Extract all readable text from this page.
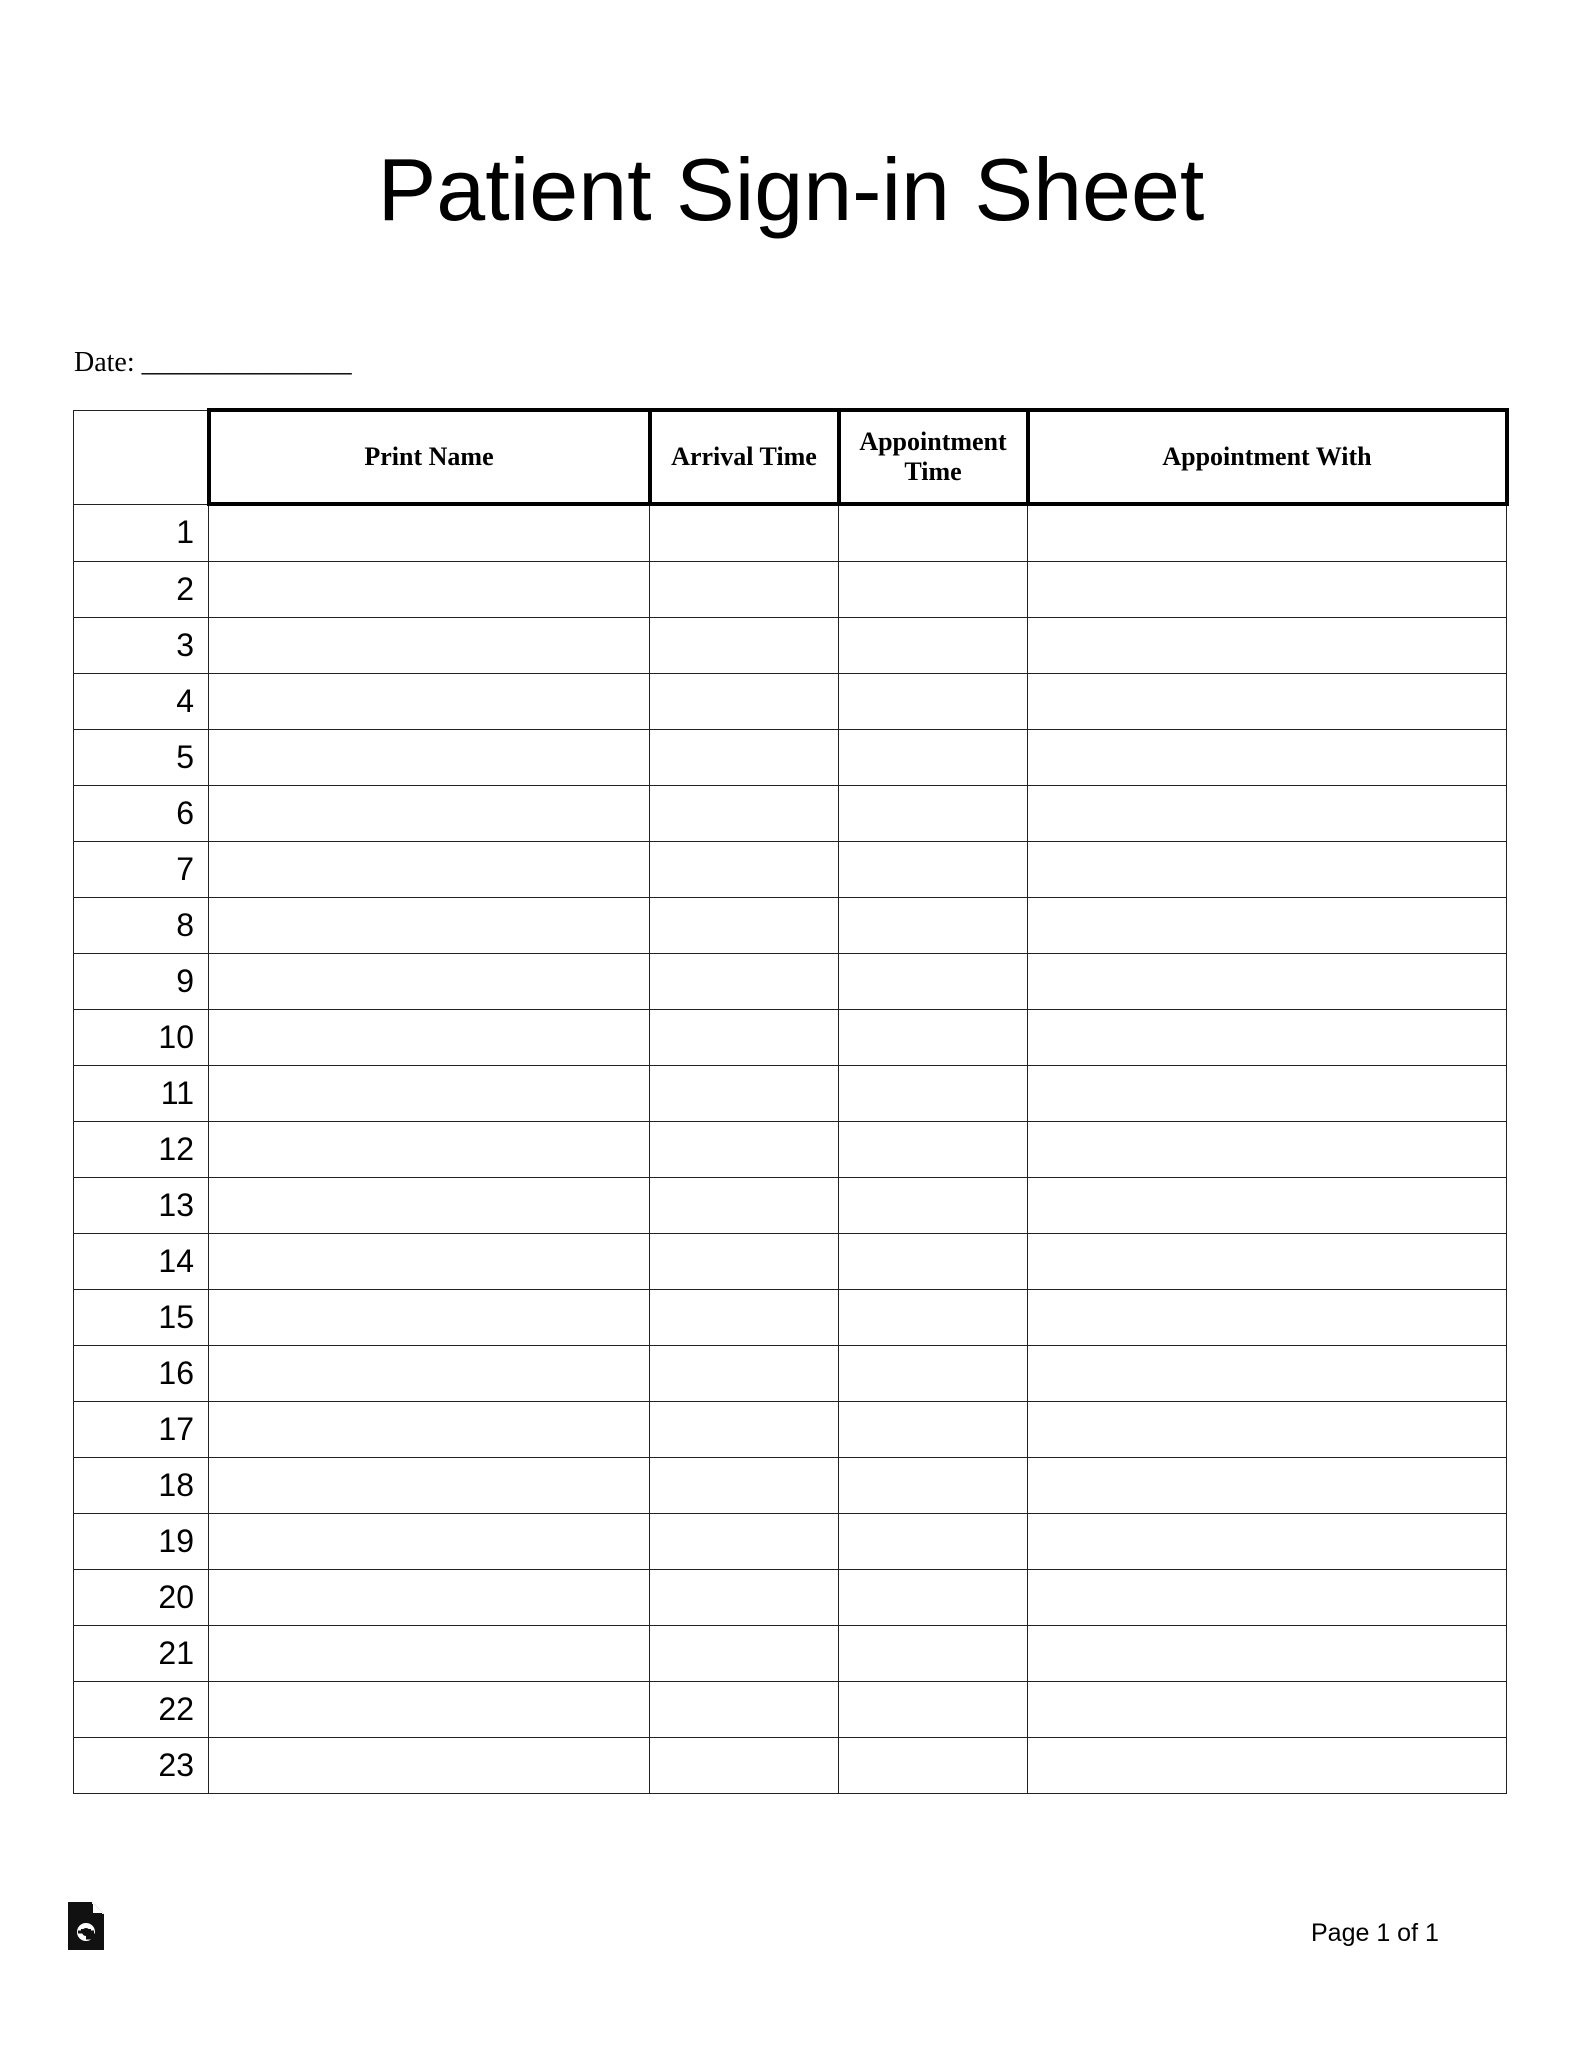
Patient Sign-in Sheet
Date: _______________
	Print Name	Arrival Time	Appointment Time	Appointment With
1				
2				
3				
4				
5				
6				
7				
8				
9				
10				
11				
12				
13				
14				
15				
16				
17				
18				
19				
20				
21				
22				
23				
Page 1 of 1
